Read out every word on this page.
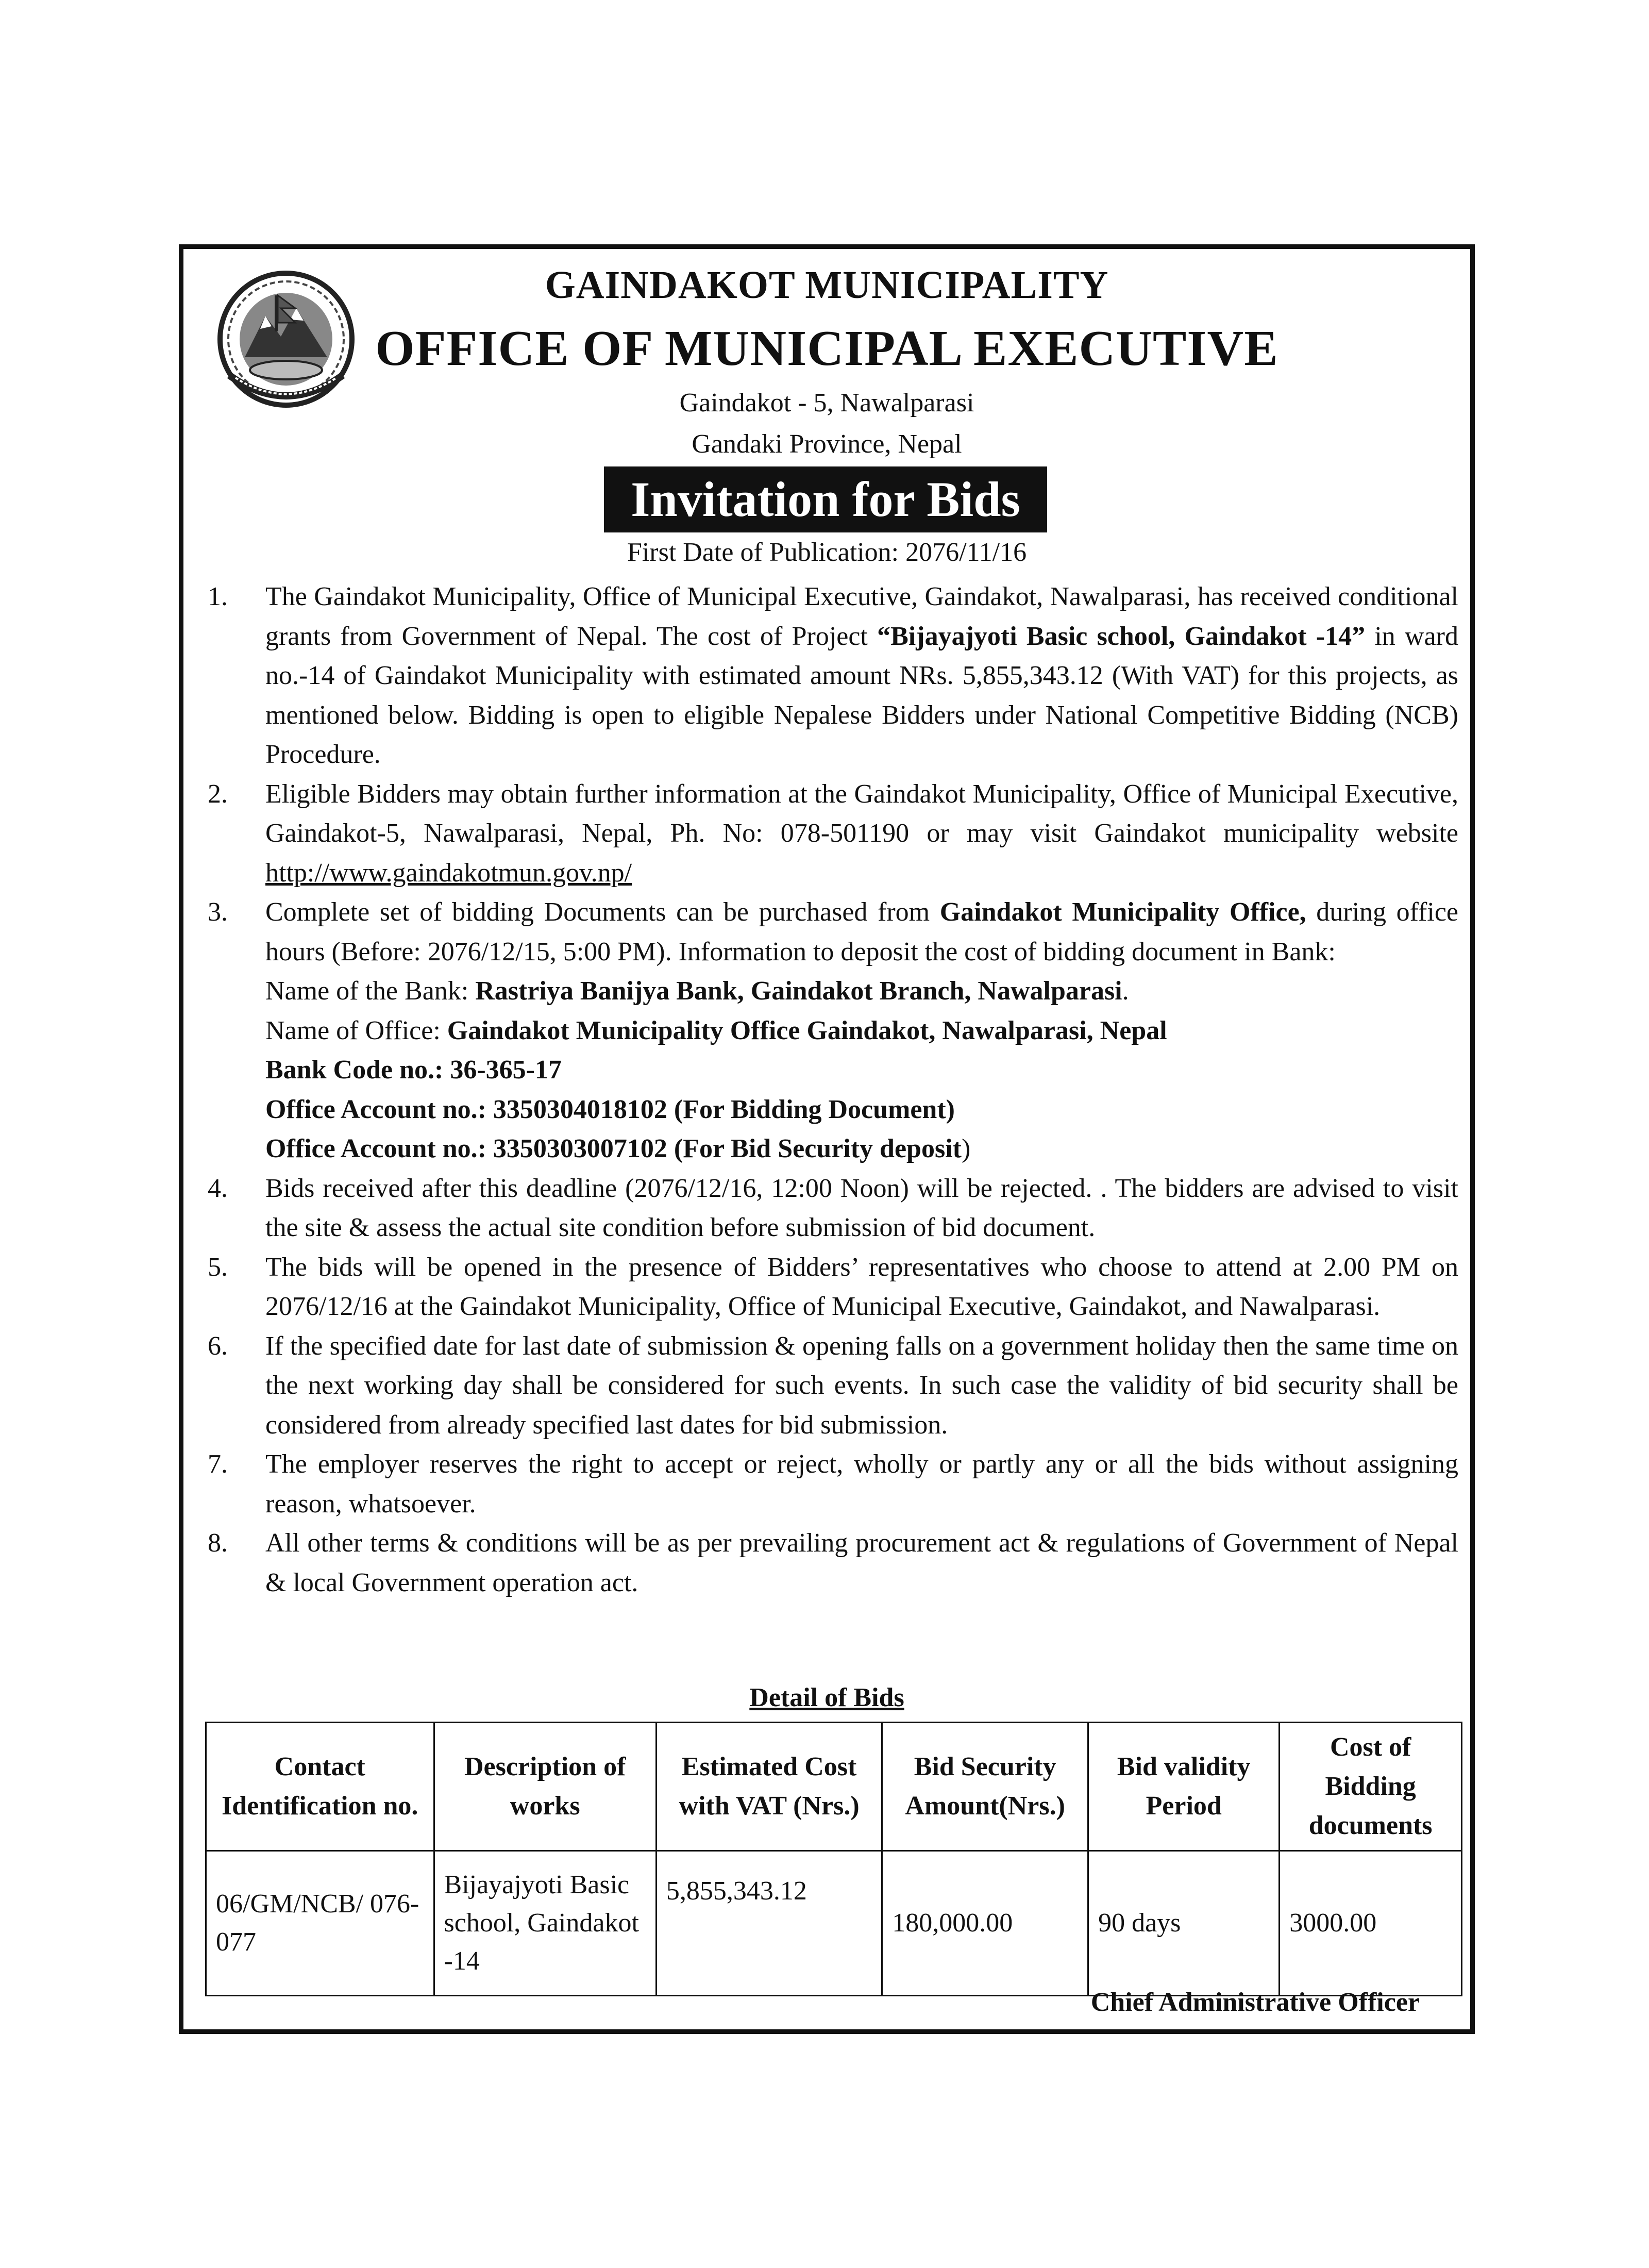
GAINDAKOT MUNICIPALITY
OFFICE OF MUNICIPAL EXECUTIVE
Gaindakot - 5, Nawalparasi
Gandaki Province, Nepal
Invitation for Bids
First Date of Publication: 2076/11/16
1.	The Gaindakot Municipality, Office of Municipal Executive, Gaindakot, Nawalparasi, has received conditional grants from Government of Nepal. The cost of Project “Bijayajyoti Basic school, Gaindakot -14” in ward no.-14 of Gaindakot Municipality with estimated amount NRs. 5,855,343.12 (With VAT) for this projects, as mentioned below. Bidding is open to eligible Nepalese Bidders under National Competitive Bidding (NCB) Procedure.
2.	Eligible Bidders may obtain further information at the Gaindakot Municipality, Office of Municipal Executive, Gaindakot-5, Nawalparasi, Nepal, Ph. No: 078-501190 or may visit Gaindakot municipality website http://www.gaindakotmun.gov.np/
3.	Complete set of bidding Documents can be purchased from Gaindakot Municipality Office, during office hours (Before: 2076/12/15, 5:00 PM). Information to deposit the cost of bidding document in Bank:
Name of the Bank: Rastriya Banijya Bank, Gaindakot Branch, Nawalparasi.
Name of Office: Gaindakot Municipality Office Gaindakot, Nawalparasi, Nepal
Bank Code no.: 36-365-17
Office Account no.: 3350304018102 (For Bidding Document)
Office Account no.: 3350303007102 (For Bid Security deposit)
4.	Bids received after this deadline (2076/12/16, 12:00 Noon) will be rejected. . The bidders are advised to visit the site & assess the actual site condition before submission of bid document.
5.	The bids will be opened in the presence of Bidders’ representatives who choose to attend at 2.00 PM on 2076/12/16 at the Gaindakot Municipality, Office of Municipal Executive, Gaindakot, and Nawalparasi.
6.	If the specified date for last date of submission & opening falls on a government holiday then the same time on the next working day shall be considered for such events. In such case the validity of bid security shall be considered from already specified last dates for bid submission.
7.	The employer reserves the right to accept or reject, wholly or partly any or all the bids without assigning reason, whatsoever.
8.	All other terms & conditions will be as per prevailing procurement act & regulations of Government of Nepal & local Government operation act.
Detail of Bids
Contact Identification no.	Description of works	Estimated Cost with VAT (Nrs.)	Bid Security Amount(Nrs.)	Bid validity Period	Cost of Bidding documents
06/GM/NCB/ 076-077	Bijayajyoti Basic school, Gaindakot -14	5,855,343.12	180,000.00	90 days	3000.00
Chief Administrative Officer
